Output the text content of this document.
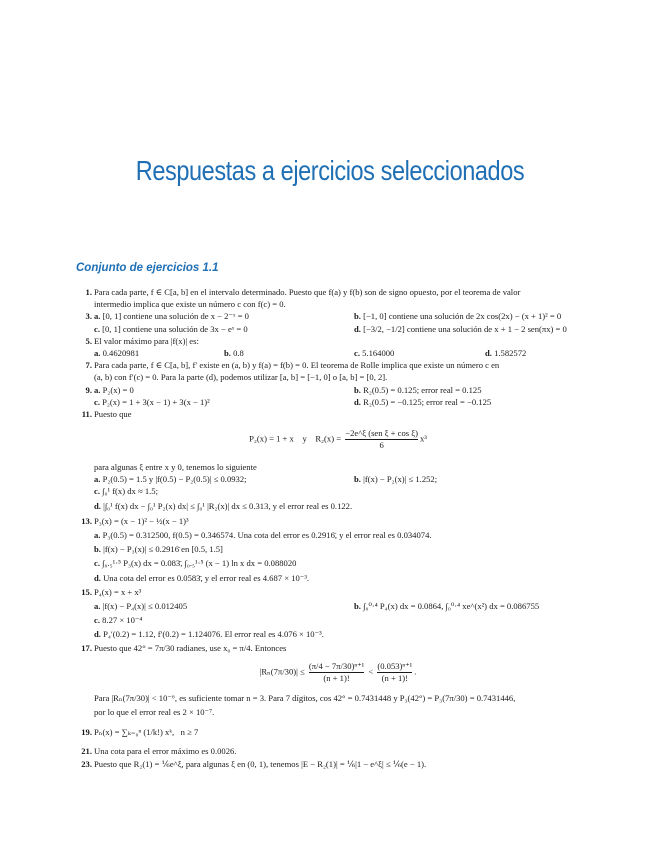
Respuestas a ejercicios seleccionados
Conjunto de ejercicios 1.1
1. Para cada parte, f ∈ C[a, b] en el intervalo determinado. Puesto que f(a) y f(b) son de signo opuesto, por el teorema de valor
intermedio implica que existe un número c con f(c) = 0.
3. a. [0, 1] contiene una solución de x − 2⁻ˣ = 0	b. [−1, 0] contiene una solución de 2x cos(2x) − (x + 1)² = 0
c. [0, 1] contiene una solución de 3x − eˣ = 0	d. [−3/2, −1/2] contiene una solución de x + 1 − 2 sen(πx) = 0
5. El valor máximo para |f(x)| es:
a. 0.4620981	b. 0.8	c. 5.164000	d. 1.582572
7. Para cada parte, f ∈ C[a, b], f′ existe en (a, b) y f(a) = f(b) = 0. El teorema de Rolle implica que existe un número c en
(a, b) con f′(c) = 0. Para la parte (d), podemos utilizar [a, b] = [−1, 0] o [a, b] = [0, 2].
9. a. P₂(x) = 0	b. R₂(0.5) = 0.125; error real = 0.125
c. P₂(x) = 1 + 3(x − 1) + 3(x − 1)²	d. R₂(0.5) = −0.125; error real = −0.125
11. Puesto que
P₂(x) = 1 + x y $R_2(x) = \frac{\text{−2e\textasciicircum{}ξ (sen ξ + cos ξ)}}{6} x^3$
para algunas ξ entre x y 0, tenemos lo siguiente
a. P₂(0.5) = 1.5 y |f(0.5) − P₂(0.5)| ≤ 0.0932;	b. |f(x) − P₂(x)| ≤ 1.252;
c. ∫₀¹ f(x) dx ≈ 1.5;
d. |∫₀¹ f(x) dx − ∫₀¹ P₂(x) dx| ≤ ∫₀¹ |R₂(x)| dx ≤ 0.313, y el error real es 0.122.
13. P₃(x) = (x − 1)² − ½(x − 1)³
a. P₃(0.5) = 0.312500, f(0.5) = 0.346574. Una cota del error es 0.2916̄, y el error real es 0.034074.
b. |f(x) − P₃(x)| ≤ 0.2916̄ en [0.5, 1.5]
c. ∫₀.₅¹·⁵ P₃(x) dx = 0.083̄, ∫₀.₅¹·⁵ (x − 1) ln x dx = 0.088020
d. Una cota del error es 0.0583̄, y el error real es 4.687 × 10⁻³.
15. P₄(x) = x + x³
a. |f(x) − P₄(x)| ≤ 0.012405	b. ∫₀⁰·⁴ P₄(x) dx = 0.0864, ∫₀⁰·⁴ xe^(x²) dx = 0.086755
c. 8.27 × 10⁻⁴
d. P₄′(0.2) = 1.12, f′(0.2) = 1.124076. El error real es 4.076 × 10⁻³.
17. Puesto que 42° = 7π/30 radianes, use x₀ = π/4. Entonces
$|R_n(7\pi/30)| \le \frac{\text{(π/4 − 7π/30)ⁿ⁺¹}}{(n + 1)!} < \frac{\text{(0.053)ⁿ⁺¹}}{(n + 1)!}$ .
Para |Rₙ(7π/30)| < 10⁻⁶, es suficiente tomar n = 3. Para 7 dígitos, cos 42° = 0.7431448 y P₃(42°) = P₃(7π/30) = 0.7431446,
por lo que el error real es 2 × 10⁻⁷.
19. Pₙ(x) = ∑ₖ₌₀ⁿ (1/k!) xᵏ, n ≥ 7
21. Una cota para el error máximo es 0.0026.
23. Puesto que R₂(1) = ⅙e^ξ, para algunas ξ en (0, 1), tenemos |E − R₂(1)| = ⅙|1 − e^ξ| ≤ ⅙(e − 1).
